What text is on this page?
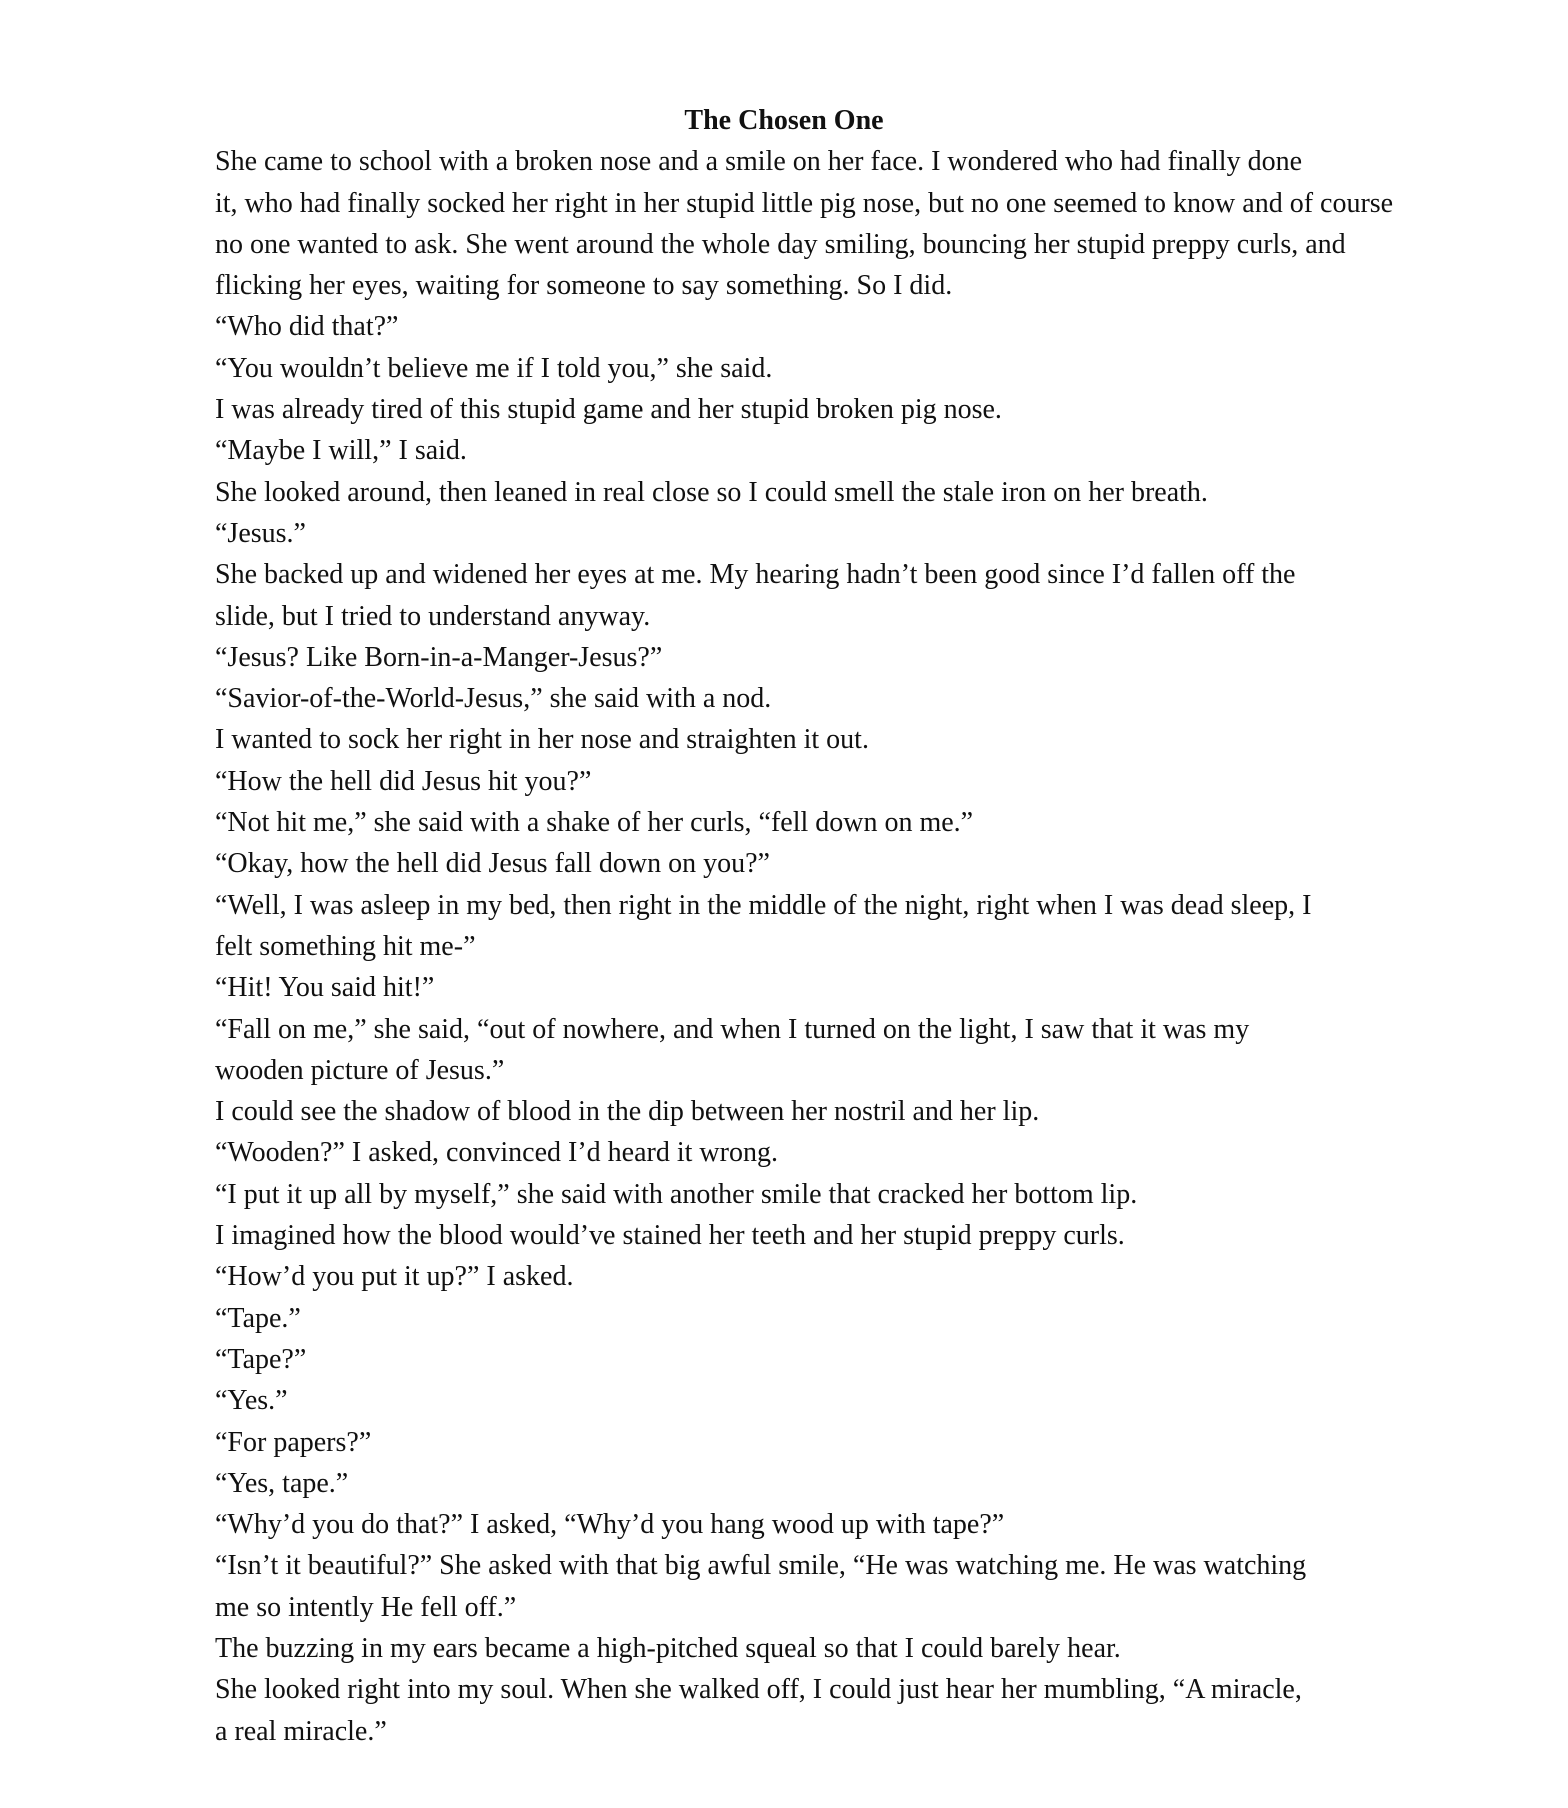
The Chosen One
She came to school with a broken nose and a smile on her face. I wondered who had finally done
it, who had finally socked her right in her stupid little pig nose, but no one seemed to know and of course
no one wanted to ask. She went around the whole day smiling, bouncing her stupid preppy curls, and
flicking her eyes, waiting for someone to say something. So I did.
“Who did that?”
“You wouldn’t believe me if I told you,” she said.
I was already tired of this stupid game and her stupid broken pig nose.
“Maybe I will,” I said.
She looked around, then leaned in real close so I could smell the stale iron on her breath.
“Jesus.”
She backed up and widened her eyes at me. My hearing hadn’t been good since I’d fallen off the
slide, but I tried to understand anyway.
“Jesus? Like Born-in-a-Manger-Jesus?”
“Savior-of-the-World-Jesus,” she said with a nod.
I wanted to sock her right in her nose and straighten it out.
“How the hell did Jesus hit you?”
“Not hit me,” she said with a shake of her curls, “fell down on me.”
“Okay, how the hell did Jesus fall down on you?”
“Well, I was asleep in my bed, then right in the middle of the night, right when I was dead sleep, I
felt something hit me-”
“Hit! You said hit!”
“Fall on me,” she said, “out of nowhere, and when I turned on the light, I saw that it was my
wooden picture of Jesus.”
I could see the shadow of blood in the dip between her nostril and her lip.
“Wooden?” I asked, convinced I’d heard it wrong.
“I put it up all by myself,” she said with another smile that cracked her bottom lip.
I imagined how the blood would’ve stained her teeth and her stupid preppy curls.
“How’d you put it up?” I asked.
“Tape.”
“Tape?”
“Yes.”
“For papers?”
“Yes, tape.”
“Why’d you do that?” I asked, “Why’d you hang wood up with tape?”
“Isn’t it beautiful?” She asked with that big awful smile, “He was watching me. He was watching
me so intently He fell off.”
The buzzing in my ears became a high-pitched squeal so that I could barely hear.
She looked right into my soul. When she walked off, I could just hear her mumbling, “A miracle,
a real miracle.”
